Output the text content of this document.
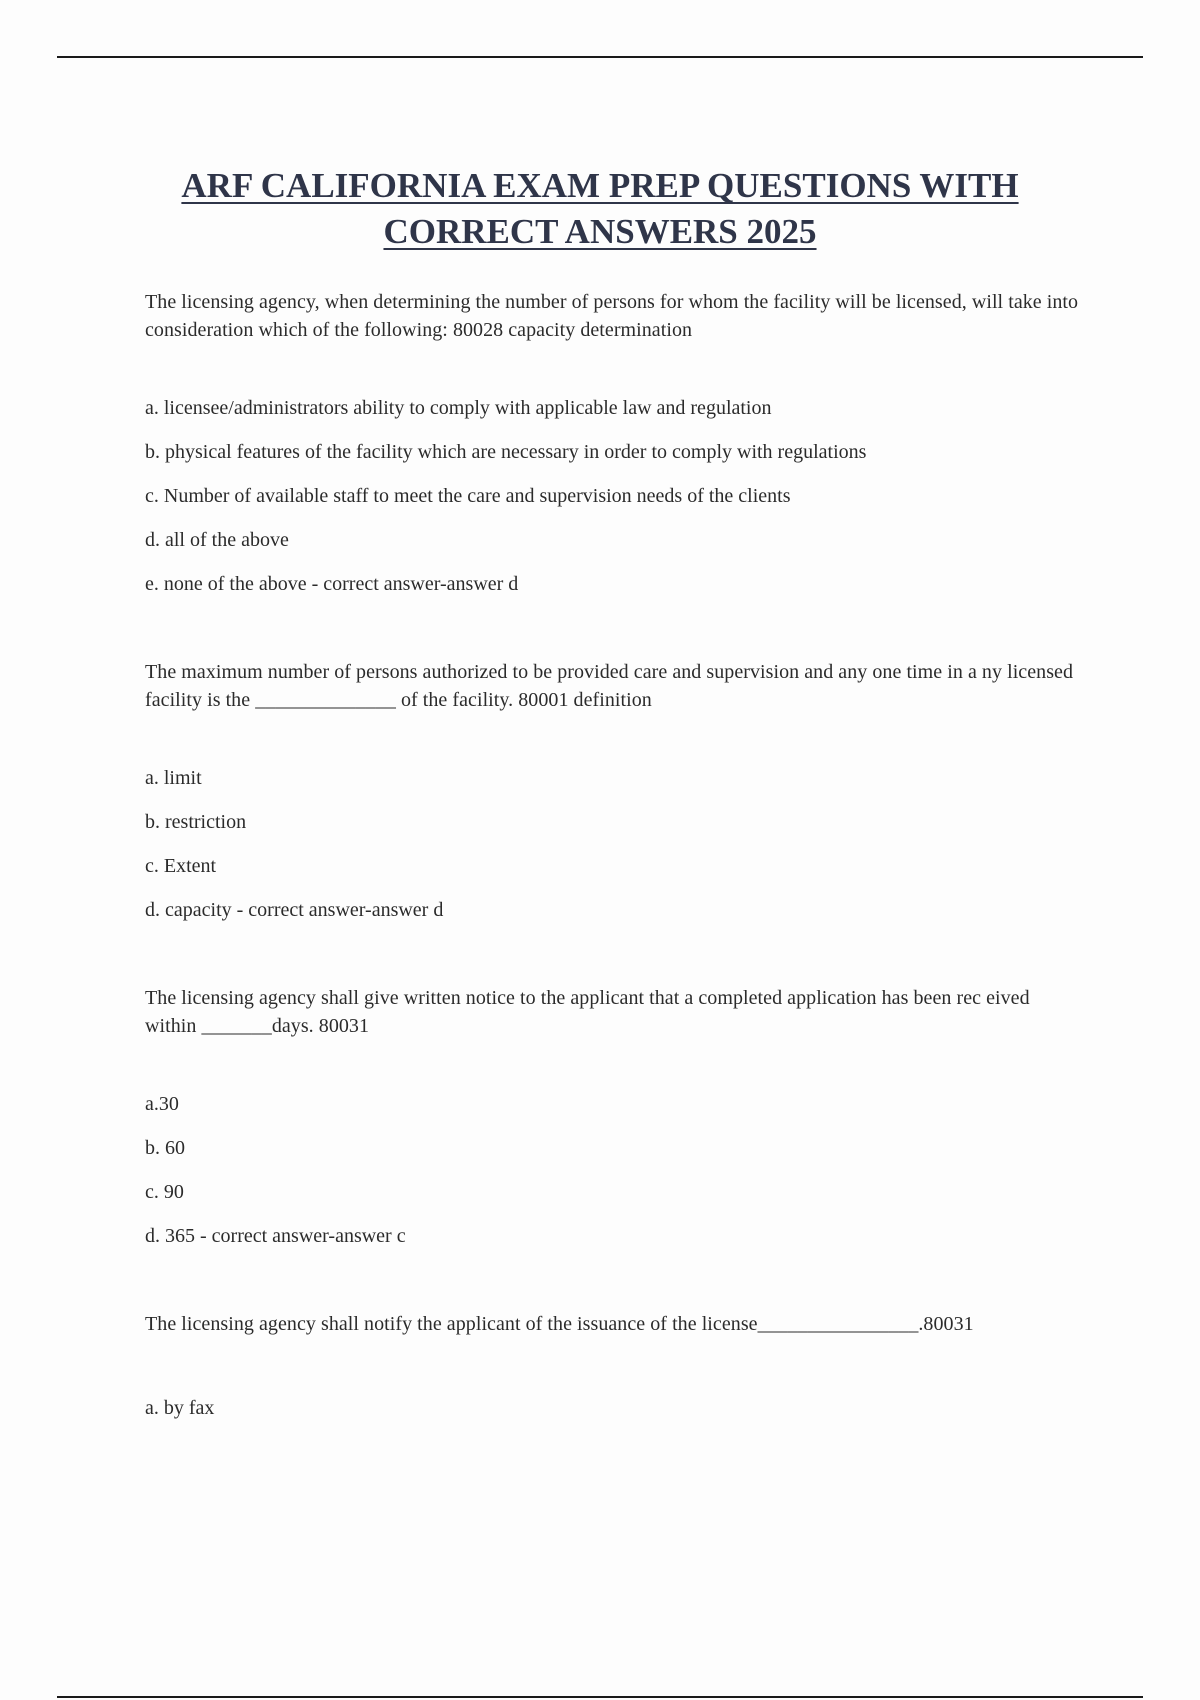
ARF CALIFORNIA EXAM PREP QUESTIONS WITH
CORRECT ANSWERS 2025

The licensing agency, when determining the number of persons for whom the facility will be licensed, will take into consideration which of the following: 80028 capacity determination

a. licensee/administrators ability to comply with applicable law and regulation
b. physical features of the facility which are necessary in order to comply with regulations
c. Number of available staff to meet the care and supervision needs of the clients
d. all of the above
e. none of the above - correct answer-answer d

The maximum number of persons authorized to be provided care and supervision and any one time in a ny licensed facility is the ______________ of the facility. 80001 definition

a. limit
b. restriction
c. Extent
d. capacity - correct answer-answer d

The licensing agency shall give written notice to the applicant that a completed application has been rec eived within _______days. 80031

a.30
b. 60
c. 90
d. 365 - correct answer-answer c

The licensing agency shall notify the applicant of the issuance of the license________________.80031

a. by fax
